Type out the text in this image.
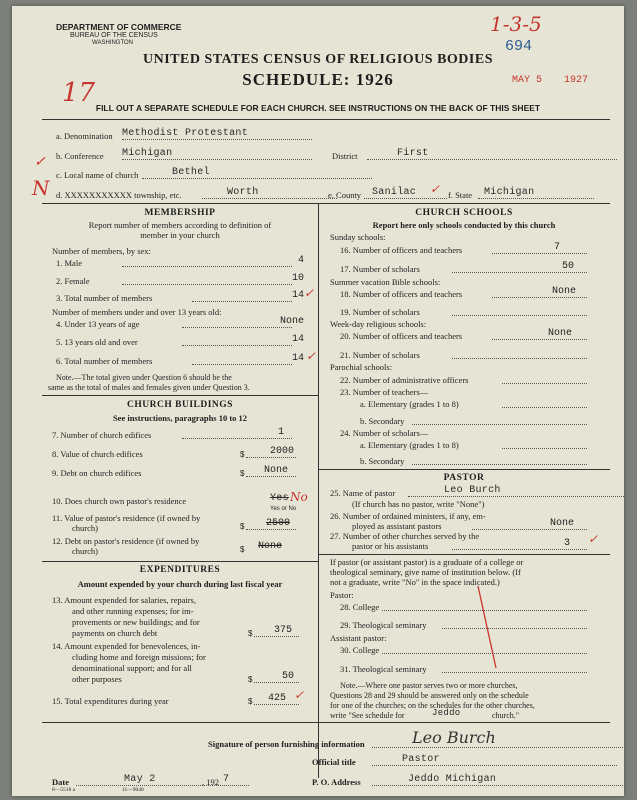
DEPARTMENT OF COMMERCE
BUREAU OF THE CENSUS
WASHINGTON
1-3-5
694
MAY 5 1927
17
UNITED STATES CENSUS OF RELIGIOUS BODIES
SCHEDULE: 1926
FILL OUT A SEPARATE SCHEDULE FOR EACH CHURCH. SEE INSTRUCTIONS ON THE BACK OF THIS SHEET
a. Denomination Methodist Protestant
b. Conference Michigan	District	First
✓
c. Local name of church	Bethel
N d. XXXXXXXXXXX township, etc.	Worth	e. County	Sanilac	✓ f. State	Michigan
MEMBERSHIP
Report number of members according to definition of
member in your church
Number of members, by sex:
1. Male	4
2. Female	10
3. Total number of members	14 ✓
Number of members under and over 13 years old:
4. Under 13 years of age	None
5. 13 years old and over	14
6. Total number of members	14 ✓
Note.—The total given under Question 6 should be the
same as the total of males and females given under Question 3.
CHURCH BUILDINGS
See instructions, paragraphs 10 to 12
7. Number of church edifices	1
8. Value of church edifices	$	2000
9. Debt on church edifices	$	None
10. Does church own pastor's residence	Yes No
Yes or No
11. Value of pastor's residence (if owned by
church)	$	2500
12. Debt on pastor's residence (if owned by
church)	$	None
EXPENDITURES
Amount expended by your church during last fiscal year
13. Amount expended for salaries, repairs,
and other running expenses; for im-
provements or new buildings; and for
payments on church debt	$	375
14. Amount expended for benevolences, in-
cluding home and foreign missions; for
denominational support; and for all
other purposes	$	50
15. Total expenditures during year	$	425 ✓
CHURCH SCHOOLS
Report here only schools conducted by this church
Sunday schools:
16. Number of officers and teachers	7
17. Number of scholars	50
Summer vacation Bible schools:
18. Number of officers and teachers	None
19. Number of scholars
Week-day religious schools:
20. Number of officers and teachers	None
21. Number of scholars
Parochial schools:
22. Number of administrative officers
23. Number of teachers—
a. Elementary (grades 1 to 8)
b. Secondary
24. Number of scholars—
a. Elementary (grades 1 to 8)
b. Secondary
PASTOR
25. Name of pastor	Leo Burch
(If church has no pastor, write "None")
26. Number of ordained ministers, if any, em-
ployed as assistant pastors	None
27. Number of other churches served by the
pastor or his assistants	3 ✓
If pastor (or assistant pastor) is a graduate of a college or
theological seminary, give name of institution below. (If
not a graduate, write "No" in the space indicated.)
Pastor:
28. College
29. Theological seminary
Assistant pastor:
30. College
31. Theological seminary
Note.—Where one pastor serves two or more churches,
Questions 28 and 29 should be answered only on the schedule
for one of the churches; on the schedules for the other churches,
write "See schedule for	Jeddo	church."
Signature of person furnishing information	Leo Burch
Official title	Pastor
Date	May 2	, 192 7	P. O. Address	Jeddo Michigan
8—5518 a	11—9048
